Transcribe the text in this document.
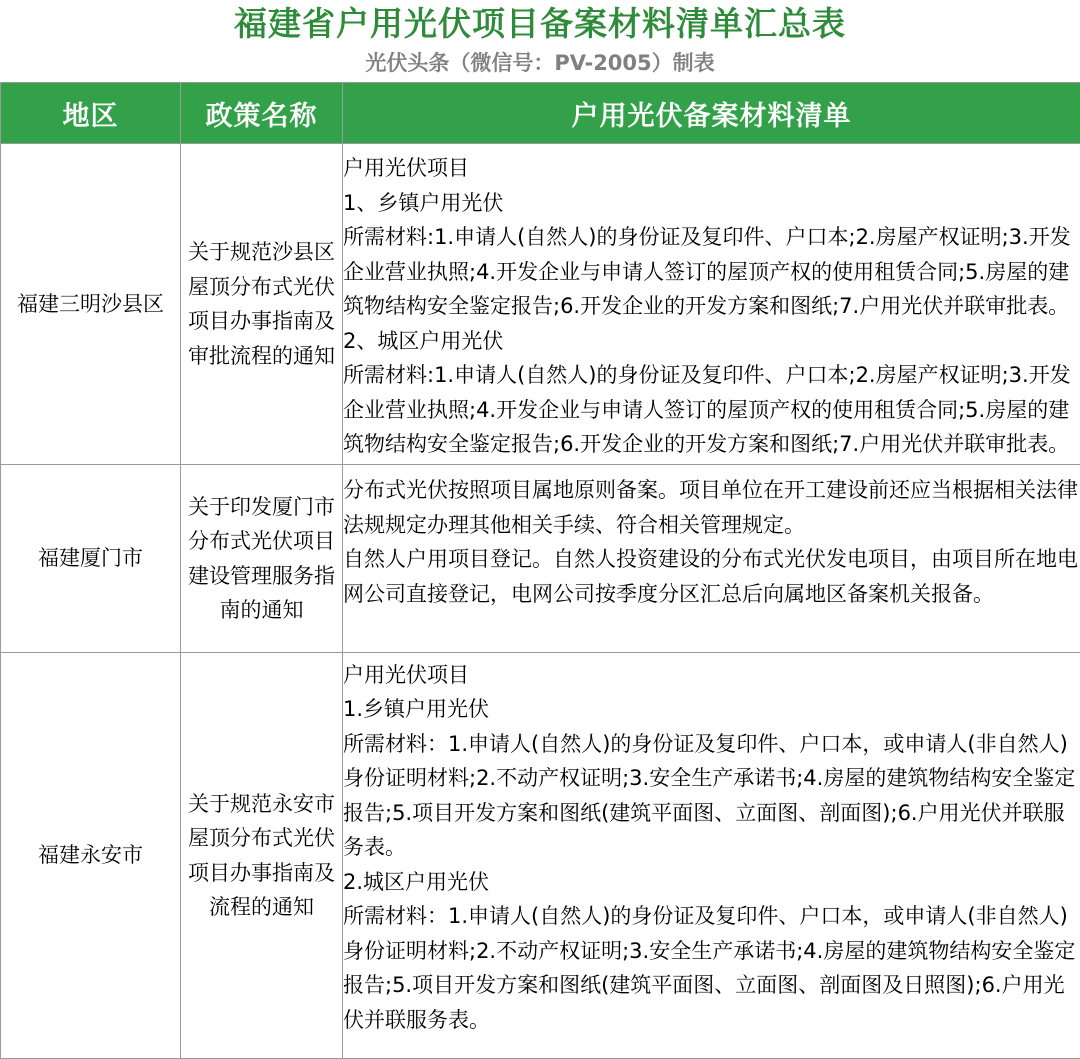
福建省户用光伏项目备案材料清单汇总表
光伏头条（微信号：PV-2005）制表
地区	政策名称	户用光伏备案材料清单
福建三明沙县区	关于规范沙县区屋顶分布式光伏项目办事指南及审批流程的通知	户用光伏项目
1、乡镇户用光伏
所需材料:1.申请人(自然人)的身份证及复印件、户口本;2.房屋产权证明;3.开发企业营业执照;4.开发企业与申请人签订的屋顶产权的使用租赁合同;5.房屋的建筑物结构安全鉴定报告;6.开发企业的开发方案和图纸;7.户用光伏并联审批表。
2、城区户用光伏
所需材料:1.申请人(自然人)的身份证及复印件、户口本;2.房屋产权证明;3.开发企业营业执照;4.开发企业与申请人签订的屋顶产权的使用租赁合同;5.房屋的建筑物结构安全鉴定报告;6.开发企业的开发方案和图纸;7.户用光伏并联审批表。

福建厦门市	关于印发厦门市分布式光伏项目建设管理服务指南的通知	分布式光伏按照项目属地原则备案。项目单位在开工建设前还应当根据相关法律法规规定办理其他相关手续、符合相关管理规定。
自然人户用项目登记。自然人投资建设的分布式光伏发电项目，由项目所在地电网公司直接登记，电网公司按季度分区汇总后向属地区备案机关报备。

福建永安市	关于规范永安市屋顶分布式光伏项目办事指南及流程的通知	户用光伏项目
1.乡镇户用光伏
所需材料：1.申请人(自然人)的身份证及复印件、户口本，或申请人(非自然人)身份证明材料;2.不动产权证明;3.安全生产承诺书;4.房屋的建筑物结构安全鉴定报告;5.项目开发方案和图纸(建筑平面图、立面图、剖面图);6.户用光伏并联服务表。
2.城区户用光伏
所需材料：1.申请人(自然人)的身份证及复印件、户口本，或申请人(非自然人)身份证明材料;2.不动产权证明;3.安全生产承诺书;4.房屋的建筑物结构安全鉴定报告;5.项目开发方案和图纸(建筑平面图、立面图、剖面图及日照图);6.户用光伏并联服务表。
